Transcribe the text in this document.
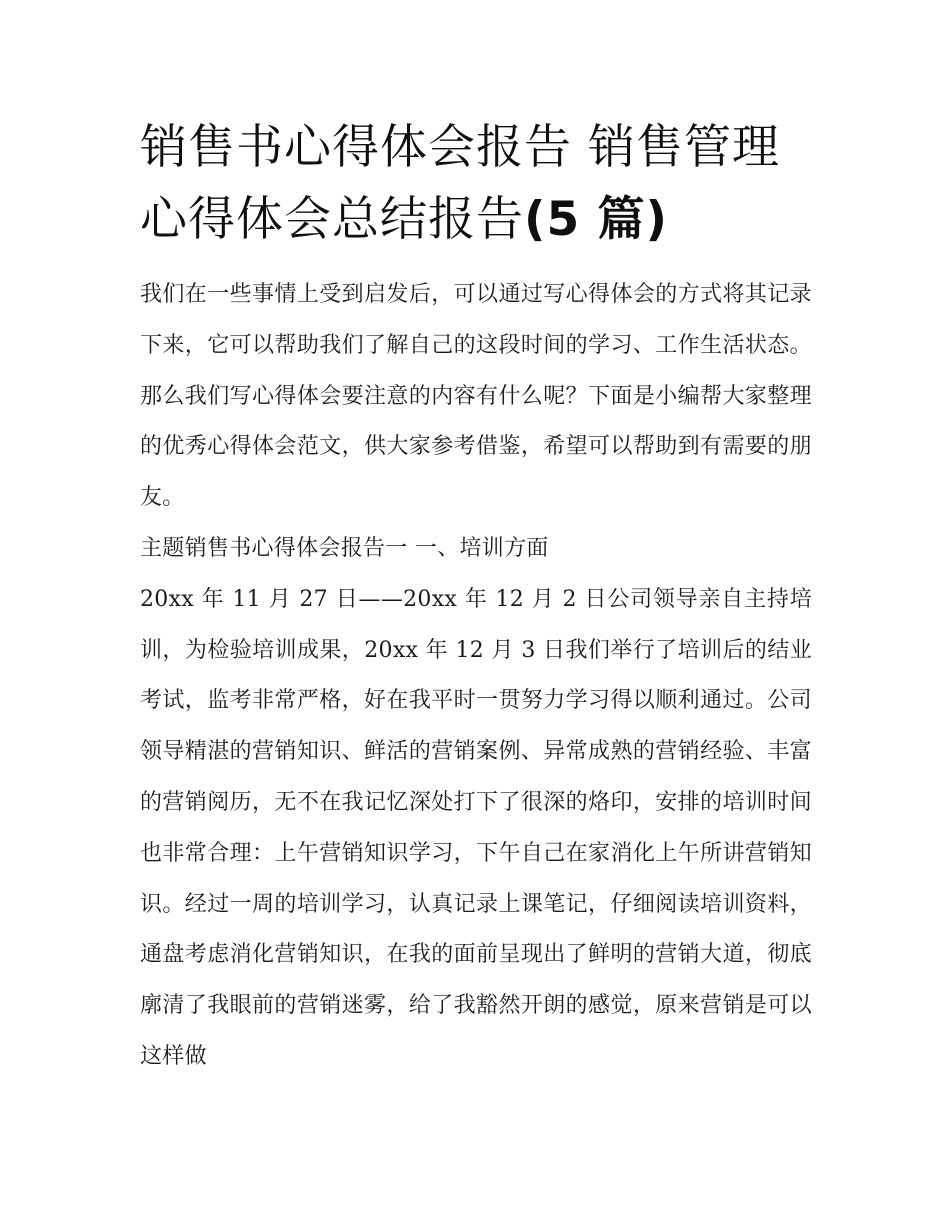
销售书心得体会报告 销售管理心得体会总结报告(5 篇)

我们在一些事情上受到启发后，可以通过写心得体会的方式将其记录下来，它可以帮助我们了解自己的这段时间的学习、工作生活状态。那么我们写心得体会要注意的内容有什么呢？下面是小编帮大家整理的优秀心得体会范文，供大家参考借鉴，希望可以帮助到有需要的朋友。

主题销售书心得体会报告一 一、培训方面

20xx 年 11 月 27 日——20xx 年 12 月 2 日公司领导亲自主持培训，为检验培训成果，20xx 年 12 月 3 日我们举行了培训后的结业考试，监考非常严格，好在我平时一贯努力学习得以顺利通过。公司领导精湛的营销知识、鲜活的营销案例、异常成熟的营销经验、丰富的营销阅历，无不在我记忆深处打下了很深的烙印，安排的培训时间也非常合理：上午营销知识学习，下午自己在家消化上午所讲营销知识。经过一周的培训学习，认真记录上课笔记，仔细阅读培训资料，通盘考虑消化营销知识，在我的面前呈现出了鲜明的营销大道，彻底廓清了我眼前的营销迷雾，给了我豁然开朗的感觉，原来营销是可以这样做
